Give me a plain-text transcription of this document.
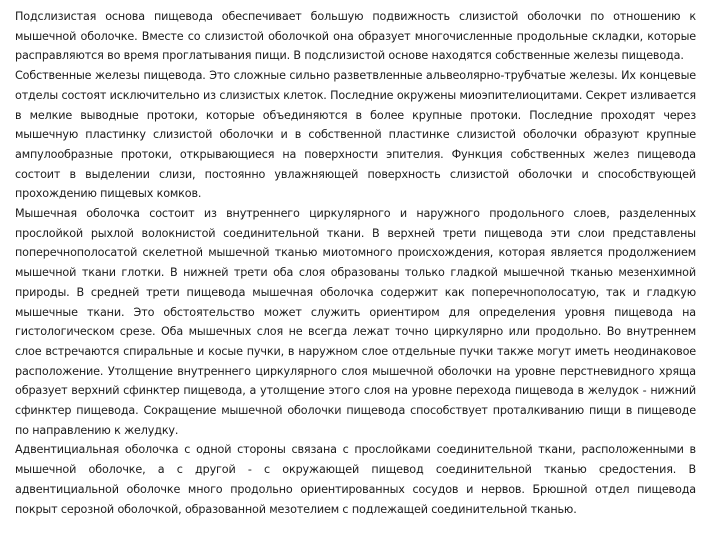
Подслизистая основа пищевода обеспечивает большую подвижность слизистой оболочки по отношению к мышечной оболочке. Вместе со слизистой оболочкой она образует многочисленные продольные складки, которые расправляются во время проглатывания пищи. В подслизистой основе находятся собственные железы пищевода.

Собственные железы пищевода. Это сложные сильно разветвленные альвеолярно-трубчатые железы. Их концевые отделы состоят исключительно из слизистых клеток. Последние окружены миоэпителиоцитами. Секрет изливается в мелкие выводные протоки, которые объединяются в более крупные протоки. Последние проходят через мышечную пластинку слизистой оболочки и в собственной пластинке слизистой оболочки образуют крупные ампулообразные протоки, открывающиеся на поверхности эпителия. Функция собственных желез пищевода состоит в выделении слизи, постоянно увлажняющей поверхность слизистой оболочки и способствующей прохождению пищевых комков.

Мышечная оболочка состоит из внутреннего циркулярного и наружного продольного слоев, разделенных прослойкой рыхлой волокнистой соединительной ткани. В верхней трети пищевода эти слои представлены поперечнополосатой скелетной мышечной тканью миотомного происхождения, которая является продолжением мышечной ткани глотки. В нижней трети оба слоя образованы только гладкой мышечной тканью мезенхимной природы. В средней трети пищевода мышечная оболочка содержит как поперечнополосатую, так и гладкую мышечные ткани. Это обстоятельство может служить ориентиром для определения уровня пищевода на гистологическом срезе. Оба мышечных слоя не всегда лежат точно циркулярно или продольно. Во внутреннем слое встречаются спиральные и косые пучки, в наружном слое отдельные пучки также могут иметь неодинаковое расположение. Утолщение внутреннего циркулярного слоя мышечной оболочки на уровне перстневидного хряща образует верхний сфинктер пищевода, а утолщение этого слоя на уровне перехода пищевода в желудок - нижний сфинктер пищевода. Сокращение мышечной оболочки пищевода способствует проталкиванию пищи в пищеводе по направлению к желудку.

Адвентициальная оболочка с одной стороны связана с прослойками соединительной ткани, расположенными в мышечной оболочке, а с другой - с окружающей пищевод соединительной тканью средостения. В адвентициальной оболочке много продольно ориентированных сосудов и нервов. Брюшной отдел пищевода покрыт серозной оболочкой, образованной мезотелием с подлежащей соединительной тканью.
